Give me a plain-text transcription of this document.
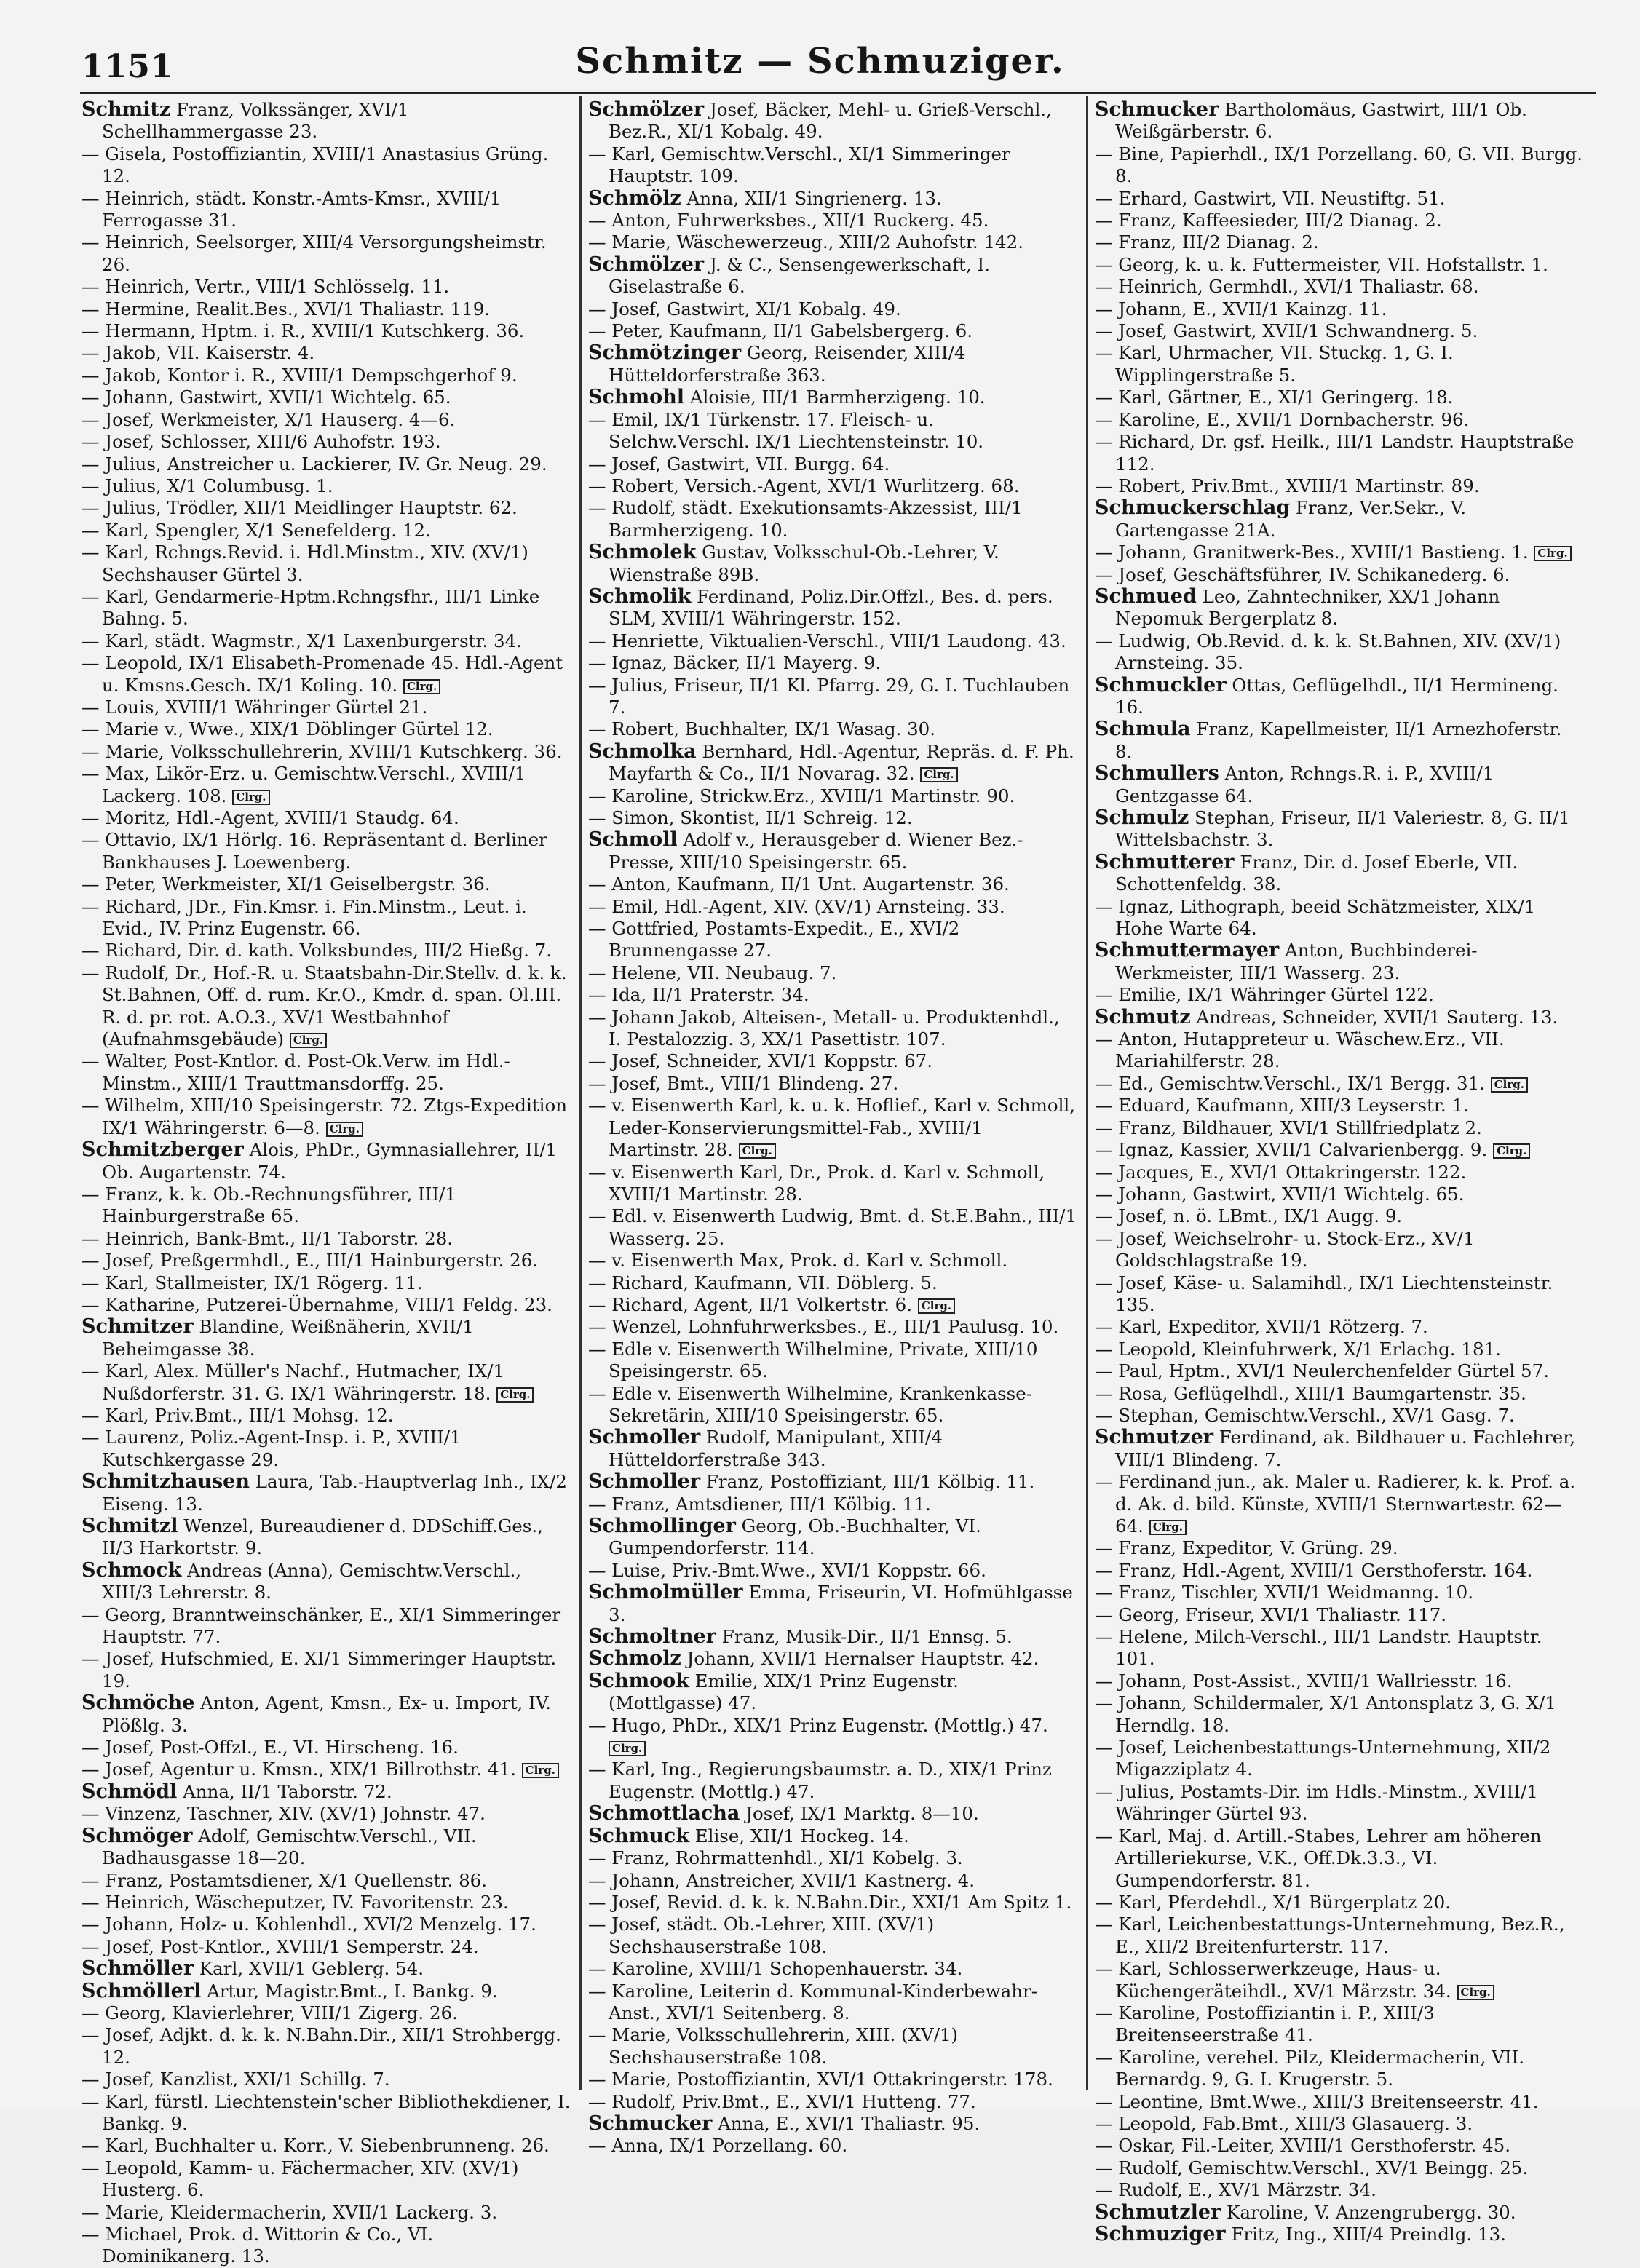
1151	Schmitz — Schmuziger.
Schmitz Franz, Volkssänger, XVI/1 Schellhammergasse 23.
— Gisela, Postoffiziantin, XVIII/1 Anastasius Grüng. 12.
— Heinrich, städt. Konstr.-Amts-Kmsr., XVIII/1 Ferrogasse 31.
— Heinrich, Seelsorger, XIII/4 Versorgungsheimstr. 26.
— Heinrich, Vertr., VIII/1 Schlösselg. 11.
— Hermine, Realit.Bes., XVI/1 Thaliastr. 119.
— Hermann, Hptm. i. R., XVIII/1 Kutschkerg. 36.
— Jakob, VII. Kaiserstr. 4.
— Jakob, Kontor i. R., XVIII/1 Dempschgerhof 9.
— Johann, Gastwirt, XVII/1 Wichtelg. 65.
— Josef, Werkmeister, X/1 Hauserg. 4—6.
— Josef, Schlosser, XIII/6 Auhofstr. 193.
— Julius, Anstreicher u. Lackierer, IV. Gr. Neug. 29.
— Julius, X/1 Columbusg. 1.
— Julius, Trödler, XII/1 Meidlinger Hauptstr. 62.
— Karl, Spengler, X/1 Senefelderg. 12.
— Karl, Rchngs.Revid. i. Hdl.Minstm., XIV. (XV/1) Sechshauser Gürtel 3.
— Karl, Gendarmerie-Hptm.Rchngsfhr., III/1 Linke Bahng. 5.
— Karl, städt. Wagmstr., X/1 Laxenburgerstr. 34.
— Leopold, IX/1 Elisabeth-Promenade 45. Hdl.-Agent u. Kmsns.Gesch. IX/1 Koling. 10. Clrg.
— Louis, XVIII/1 Währinger Gürtel 21.
— Marie v., Wwe., XIX/1 Döblinger Gürtel 12.
— Marie, Volksschullehrerin, XVIII/1 Kutschkerg. 36.
— Max, Likör-Erz. u. Gemischtw.Verschl., XVIII/1 Lackerg. 108. Clrg.
— Moritz, Hdl.-Agent, XVIII/1 Staudg. 64.
— Ottavio, IX/1 Hörlg. 16. Repräsentant d. Berliner Bankhauses J. Loewenberg.
— Peter, Werkmeister, XI/1 Geiselbergstr. 36.
— Richard, JDr., Fin.Kmsr. i. Fin.Minstm., Leut. i. Evid., IV. Prinz Eugenstr. 66.
— Richard, Dir. d. kath. Volksbundes, III/2 Hießg. 7.
— Rudolf, Dr., Hof.-R. u. Staatsbahn-Dir.Stellv. d. k. k. St.Bahnen, Off. d. rum. Kr.O., Kmdr. d. span. Ol.III. R. d. pr. rot. A.O.3., XV/1 Westbahnhof (Aufnahmsgebäude) Clrg.
— Walter, Post-Kntlor. d. Post-Ok.Verw. im Hdl.-Minstm., XIII/1 Trauttmansdorffg. 25.
— Wilhelm, XIII/10 Speisingerstr. 72. Ztgs-Expedition IX/1 Währingerstr. 6—8. Clrg.
Schmitzberger Alois, PhDr., Gymnasiallehrer, II/1 Ob. Augartenstr. 74.
— Franz, k. k. Ob.-Rechnungsführer, III/1 Hainburgerstraße 65.
— Heinrich, Bank-Bmt., II/1 Taborstr. 28.
— Josef, Preßgermhdl., E., III/1 Hainburgerstr. 26.
— Karl, Stallmeister, IX/1 Rögerg. 11.
— Katharine, Putzerei-Übernahme, VIII/1 Feldg. 23.
Schmitzer Blandine, Weißnäherin, XVII/1 Beheimgasse 38.
— Karl, Alex. Müller's Nachf., Hutmacher, IX/1 Nußdorferstr. 31. G. IX/1 Währingerstr. 18. Clrg.
— Karl, Priv.Bmt., III/1 Mohsg. 12.
— Laurenz, Poliz.-Agent-Insp. i. P., XVIII/1 Kutschkergasse 29.
Schmitzhausen Laura, Tab.-Hauptverlag Inh., IX/2 Eiseng. 13.
Schmitzl Wenzel, Bureaudiener d. DDSchiff.Ges., II/3 Harkortstr. 9.
Schmock Andreas (Anna), Gemischtw.Verschl., XIII/3 Lehrerstr. 8.
— Georg, Branntweinschänker, E., XI/1 Simmeringer Hauptstr. 77.
— Josef, Hufschmied, E. XI/1 Simmeringer Hauptstr. 19.
Schmöche Anton, Agent, Kmsn., Ex- u. Import, IV. Plößlg. 3.
— Josef, Post-Offzl., E., VI. Hirscheng. 16.
— Josef, Agentur u. Kmsn., XIX/1 Billrothstr. 41. Clrg.
Schmödl Anna, II/1 Taborstr. 72.
— Vinzenz, Taschner, XIV. (XV/1) Johnstr. 47.
Schmöger Adolf, Gemischtw.Verschl., VII. Badhausgasse 18—20.
— Franz, Postamtsdiener, X/1 Quellenstr. 86.
— Heinrich, Wäscheputzer, IV. Favoritenstr. 23.
— Johann, Holz- u. Kohlenhdl., XVI/2 Menzelg. 17.
— Josef, Post-Kntlor., XVIII/1 Semperstr. 24.
Schmöller Karl, XVII/1 Geblerg. 54.
Schmöllerl Artur, Magistr.Bmt., I. Bankg. 9.
— Georg, Klavierlehrer, VIII/1 Zigerg. 26.
— Josef, Adjkt. d. k. k. N.Bahn.Dir., XII/1 Strohbergg. 12.
— Josef, Kanzlist, XXI/1 Schillg. 7.
— Karl, fürstl. Liechtenstein'scher Bibliothekdiener, I. Bankg. 9.
— Karl, Buchhalter u. Korr., V. Siebenbrunneng. 26.
— Leopold, Kamm- u. Fächermacher, XIV. (XV/1) Husterg. 6.
— Marie, Kleidermacherin, XVII/1 Lackerg. 3.
— Michael, Prok. d. Wittorin & Co., VI. Dominikanerg. 13.
Schmölzer Josef, Bäcker, Mehl- u. Grieß-Verschl., Bez.R., XI/1 Kobalg. 49.
— Karl, Gemischtw.Verschl., XI/1 Simmeringer Hauptstr. 109.
Schmölz Anna, XII/1 Singrienerg. 13.
— Anton, Fuhrwerksbes., XII/1 Ruckerg. 45.
— Marie, Wäschewerzeug., XIII/2 Auhofstr. 142.
Schmölzer J. & C., Sensengewerkschaft, I. Giselastraße 6.
— Josef, Gastwirt, XI/1 Kobalg. 49.
— Peter, Kaufmann, II/1 Gabelsbergerg. 6.
Schmötzinger Georg, Reisender, XIII/4 Hütteldorferstraße 363.
Schmohl Aloisie, III/1 Barmherzigeng. 10.
— Emil, IX/1 Türkenstr. 17. Fleisch- u. Selchw.Verschl. IX/1 Liechtensteinstr. 10.
— Josef, Gastwirt, VII. Burgg. 64.
— Robert, Versich.-Agent, XVI/1 Wurlitzerg. 68.
— Rudolf, städt. Exekutionsamts-Akzessist, III/1 Barmherzigeng. 10.
Schmolek Gustav, Volksschul-Ob.-Lehrer, V. Wienstraße 89B.
Schmolik Ferdinand, Poliz.Dir.Offzl., Bes. d. pers. SLM, XVIII/1 Währingerstr. 152.
— Henriette, Viktualien-Verschl., VIII/1 Laudong. 43.
— Ignaz, Bäcker, II/1 Mayerg. 9.
— Julius, Friseur, II/1 Kl. Pfarrg. 29, G. I. Tuchlauben 7.
— Robert, Buchhalter, IX/1 Wasag. 30.
Schmolka Bernhard, Hdl.-Agentur, Repräs. d. F. Ph. Mayfarth & Co., II/1 Novarag. 32. Clrg.
— Karoline, Strickw.Erz., XVIII/1 Martinstr. 90.
— Simon, Skontist, II/1 Schreig. 12.
Schmoll Adolf v., Herausgeber d. Wiener Bez.-Presse, XIII/10 Speisingerstr. 65.
— Anton, Kaufmann, II/1 Unt. Augartenstr. 36.
— Emil, Hdl.-Agent, XIV. (XV/1) Arnsteing. 33.
— Gottfried, Postamts-Expedit., E., XVI/2 Brunnengasse 27.
— Helene, VII. Neubaug. 7.
— Ida, II/1 Praterstr. 34.
— Johann Jakob, Alteisen-, Metall- u. Produktenhdl., I. Pestalozzig. 3, XX/1 Pasettistr. 107.
— Josef, Schneider, XVI/1 Koppstr. 67.
— Josef, Bmt., VIII/1 Blindeng. 27.
— v. Eisenwerth Karl, k. u. k. Hoflief., Karl v. Schmoll, Leder-Konservierungsmittel-Fab., XVIII/1 Martinstr. 28. Clrg.
— v. Eisenwerth Karl, Dr., Prok. d. Karl v. Schmoll, XVIII/1 Martinstr. 28.
— Edl. v. Eisenwerth Ludwig, Bmt. d. St.E.Bahn., III/1 Wasserg. 25.
— v. Eisenwerth Max, Prok. d. Karl v. Schmoll.
— Richard, Kaufmann, VII. Döblerg. 5.
— Richard, Agent, II/1 Volkertstr. 6. Clrg.
— Wenzel, Lohnfuhrwerksbes., E., III/1 Paulusg. 10.
— Edle v. Eisenwerth Wilhelmine, Private, XIII/10 Speisingerstr. 65.
— Edle v. Eisenwerth Wilhelmine, Krankenkasse-Sekretärin, XIII/10 Speisingerstr. 65.
Schmoller Rudolf, Manipulant, XIII/4 Hütteldorferstraße 343.
Schmoller Franz, Postoffiziant, III/1 Kölbig. 11.
— Franz, Amtsdiener, III/1 Kölbig. 11.
Schmollinger Georg, Ob.-Buchhalter, VI. Gumpendorferstr. 114.
— Luise, Priv.-Bmt.Wwe., XVI/1 Koppstr. 66.
Schmolmüller Emma, Friseurin, VI. Hofmühlgasse 3.
Schmoltner Franz, Musik-Dir., II/1 Ennsg. 5.
Schmolz Johann, XVII/1 Hernalser Hauptstr. 42.
Schmook Emilie, XIX/1 Prinz Eugenstr. (Mottlgasse) 47.
— Hugo, PhDr., XIX/1 Prinz Eugenstr. (Mottlg.) 47. Clrg.
— Karl, Ing., Regierungsbaumstr. a. D., XIX/1 Prinz Eugenstr. (Mottlg.) 47.
Schmottlacha Josef, IX/1 Marktg. 8—10.
Schmuck Elise, XII/1 Hockeg. 14.
— Franz, Rohrmattenhdl., XI/1 Kobelg. 3.
— Johann, Anstreicher, XVII/1 Kastnerg. 4.
— Josef, Revid. d. k. k. N.Bahn.Dir., XXI/1 Am Spitz 1.
— Josef, städt. Ob.-Lehrer, XIII. (XV/1) Sechshauserstraße 108.
— Karoline, XVIII/1 Schopenhauerstr. 34.
— Karoline, Leiterin d. Kommunal-Kinderbewahr-Anst., XVI/1 Seitenberg. 8.
— Marie, Volksschullehrerin, XIII. (XV/1) Sechshauserstraße 108.
— Marie, Postoffiziantin, XVI/1 Ottakringerstr. 178.
— Rudolf, Priv.Bmt., E., XVI/1 Hutteng. 77.
Schmucker Anna, E., XVI/1 Thaliastr. 95.
— Anna, IX/1 Porzellang. 60.
Schmucker Bartholomäus, Gastwirt, III/1 Ob. Weißgärberstr. 6.
— Bine, Papierhdl., IX/1 Porzellang. 60, G. VII. Burgg. 8.
— Erhard, Gastwirt, VII. Neustiftg. 51.
— Franz, Kaffeesieder, III/2 Dianag. 2.
— Franz, III/2 Dianag. 2.
— Georg, k. u. k. Futtermeister, VII. Hofstallstr. 1.
— Heinrich, Germhdl., XVI/1 Thaliastr. 68.
— Johann, E., XVII/1 Kainzg. 11.
— Josef, Gastwirt, XVII/1 Schwandnerg. 5.
— Karl, Uhrmacher, VII. Stuckg. 1, G. I. Wipplingerstraße 5.
— Karl, Gärtner, E., XI/1 Geringerg. 18.
— Karoline, E., XVII/1 Dornbacherstr. 96.
— Richard, Dr. gsf. Heilk., III/1 Landstr. Hauptstraße 112.
— Robert, Priv.Bmt., XVIII/1 Martinstr. 89.
Schmuckerschlag Franz, Ver.Sekr., V. Gartengasse 21A.
— Johann, Granitwerk-Bes., XVIII/1 Bastieng. 1. Clrg.
— Josef, Geschäftsführer, IV. Schikanederg. 6.
Schmued Leo, Zahntechniker, XX/1 Johann Nepomuk Bergerplatz 8.
— Ludwig, Ob.Revid. d. k. k. St.Bahnen, XIV. (XV/1) Arnsteing. 35.
Schmuckler Ottas, Geflügelhdl., II/1 Hermineng. 16.
Schmula Franz, Kapellmeister, II/1 Arnezhoferstr. 8.
Schmullers Anton, Rchngs.R. i. P., XVIII/1 Gentzgasse 64.
Schmulz Stephan, Friseur, II/1 Valeriestr. 8, G. II/1 Wittelsbachstr. 3.
Schmutterer Franz, Dir. d. Josef Eberle, VII. Schottenfeldg. 38.
— Ignaz, Lithograph, beeid Schätzmeister, XIX/1 Hohe Warte 64.
Schmuttermayer Anton, Buchbinderei-Werkmeister, III/1 Wasserg. 23.
— Emilie, IX/1 Währinger Gürtel 122.
Schmutz Andreas, Schneider, XVII/1 Sauterg. 13.
— Anton, Hutappreteur u. Wäschew.Erz., VII. Mariahilferstr. 28.
— Ed., Gemischtw.Verschl., IX/1 Bergg. 31. Clrg.
— Eduard, Kaufmann, XIII/3 Leyserstr. 1.
— Franz, Bildhauer, XVI/1 Stillfriedplatz 2.
— Ignaz, Kassier, XVII/1 Calvarienbergg. 9. Clrg.
— Jacques, E., XVI/1 Ottakringerstr. 122.
— Johann, Gastwirt, XVII/1 Wichtelg. 65.
— Josef, n. ö. LBmt., IX/1 Augg. 9.
— Josef, Weichselrohr- u. Stock-Erz., XV/1 Goldschlagstraße 19.
— Josef, Käse- u. Salamihdl., IX/1 Liechtensteinstr. 135.
— Karl, Expeditor, XVII/1 Rötzerg. 7.
— Leopold, Kleinfuhrwerk, X/1 Erlachg. 181.
— Paul, Hptm., XVI/1 Neulerchenfelder Gürtel 57.
— Rosa, Geflügelhdl., XIII/1 Baumgartenstr. 35.
— Stephan, Gemischtw.Verschl., XV/1 Gasg. 7.
Schmutzer Ferdinand, ak. Bildhauer u. Fachlehrer, VIII/1 Blindeng. 7.
— Ferdinand jun., ak. Maler u. Radierer, k. k. Prof. a. d. Ak. d. bild. Künste, XVIII/1 Sternwartestr. 62—64. Clrg.
— Franz, Expeditor, V. Grüng. 29.
— Franz, Hdl.-Agent, XVIII/1 Gersthoferstr. 164.
— Franz, Tischler, XVII/1 Weidmanng. 10.
— Georg, Friseur, XVI/1 Thaliastr. 117.
— Helene, Milch-Verschl., III/1 Landstr. Hauptstr. 101.
— Johann, Post-Assist., XVIII/1 Wallriesstr. 16.
— Johann, Schildermaler, X/1 Antonsplatz 3, G. X/1 Herndlg. 18.
— Josef, Leichenbestattungs-Unternehmung, XII/2 Migazziplatz 4.
— Julius, Postamts-Dir. im Hdls.-Minstm., XVIII/1 Währinger Gürtel 93.
— Karl, Maj. d. Artill.-Stabes, Lehrer am höheren Artilleriekurse, V.K., Off.Dk.3.3., VI. Gumpendorferstr. 81.
— Karl, Pferdehdl., X/1 Bürgerplatz 20.
— Karl, Leichenbestattungs-Unternehmung, Bez.R., E., XII/2 Breitenfurterstr. 117.
— Karl, Schlosserwerkzeuge, Haus- u. Küchengeräteihdl., XV/1 Märzstr. 34. Clrg.
— Karoline, Postoffiziantin i. P., XIII/3 Breitenseerstraße 41.
— Karoline, verehel. Pilz, Kleidermacherin, VII. Bernardg. 9, G. I. Krugerstr. 5.
— Leontine, Bmt.Wwe., XIII/3 Breitenseerstr. 41.
— Leopold, Fab.Bmt., XIII/3 Glasauerg. 3.
— Oskar, Fil.-Leiter, XVIII/1 Gersthoferstr. 45.
— Rudolf, Gemischtw.Verschl., XV/1 Beingg. 25.
— Rudolf, E., XV/1 Märzstr. 34.
Schmutzler Karoline, V. Anzengrubergg. 30.
Schmuziger Fritz, Ing., XIII/4 Preindlg. 13.
